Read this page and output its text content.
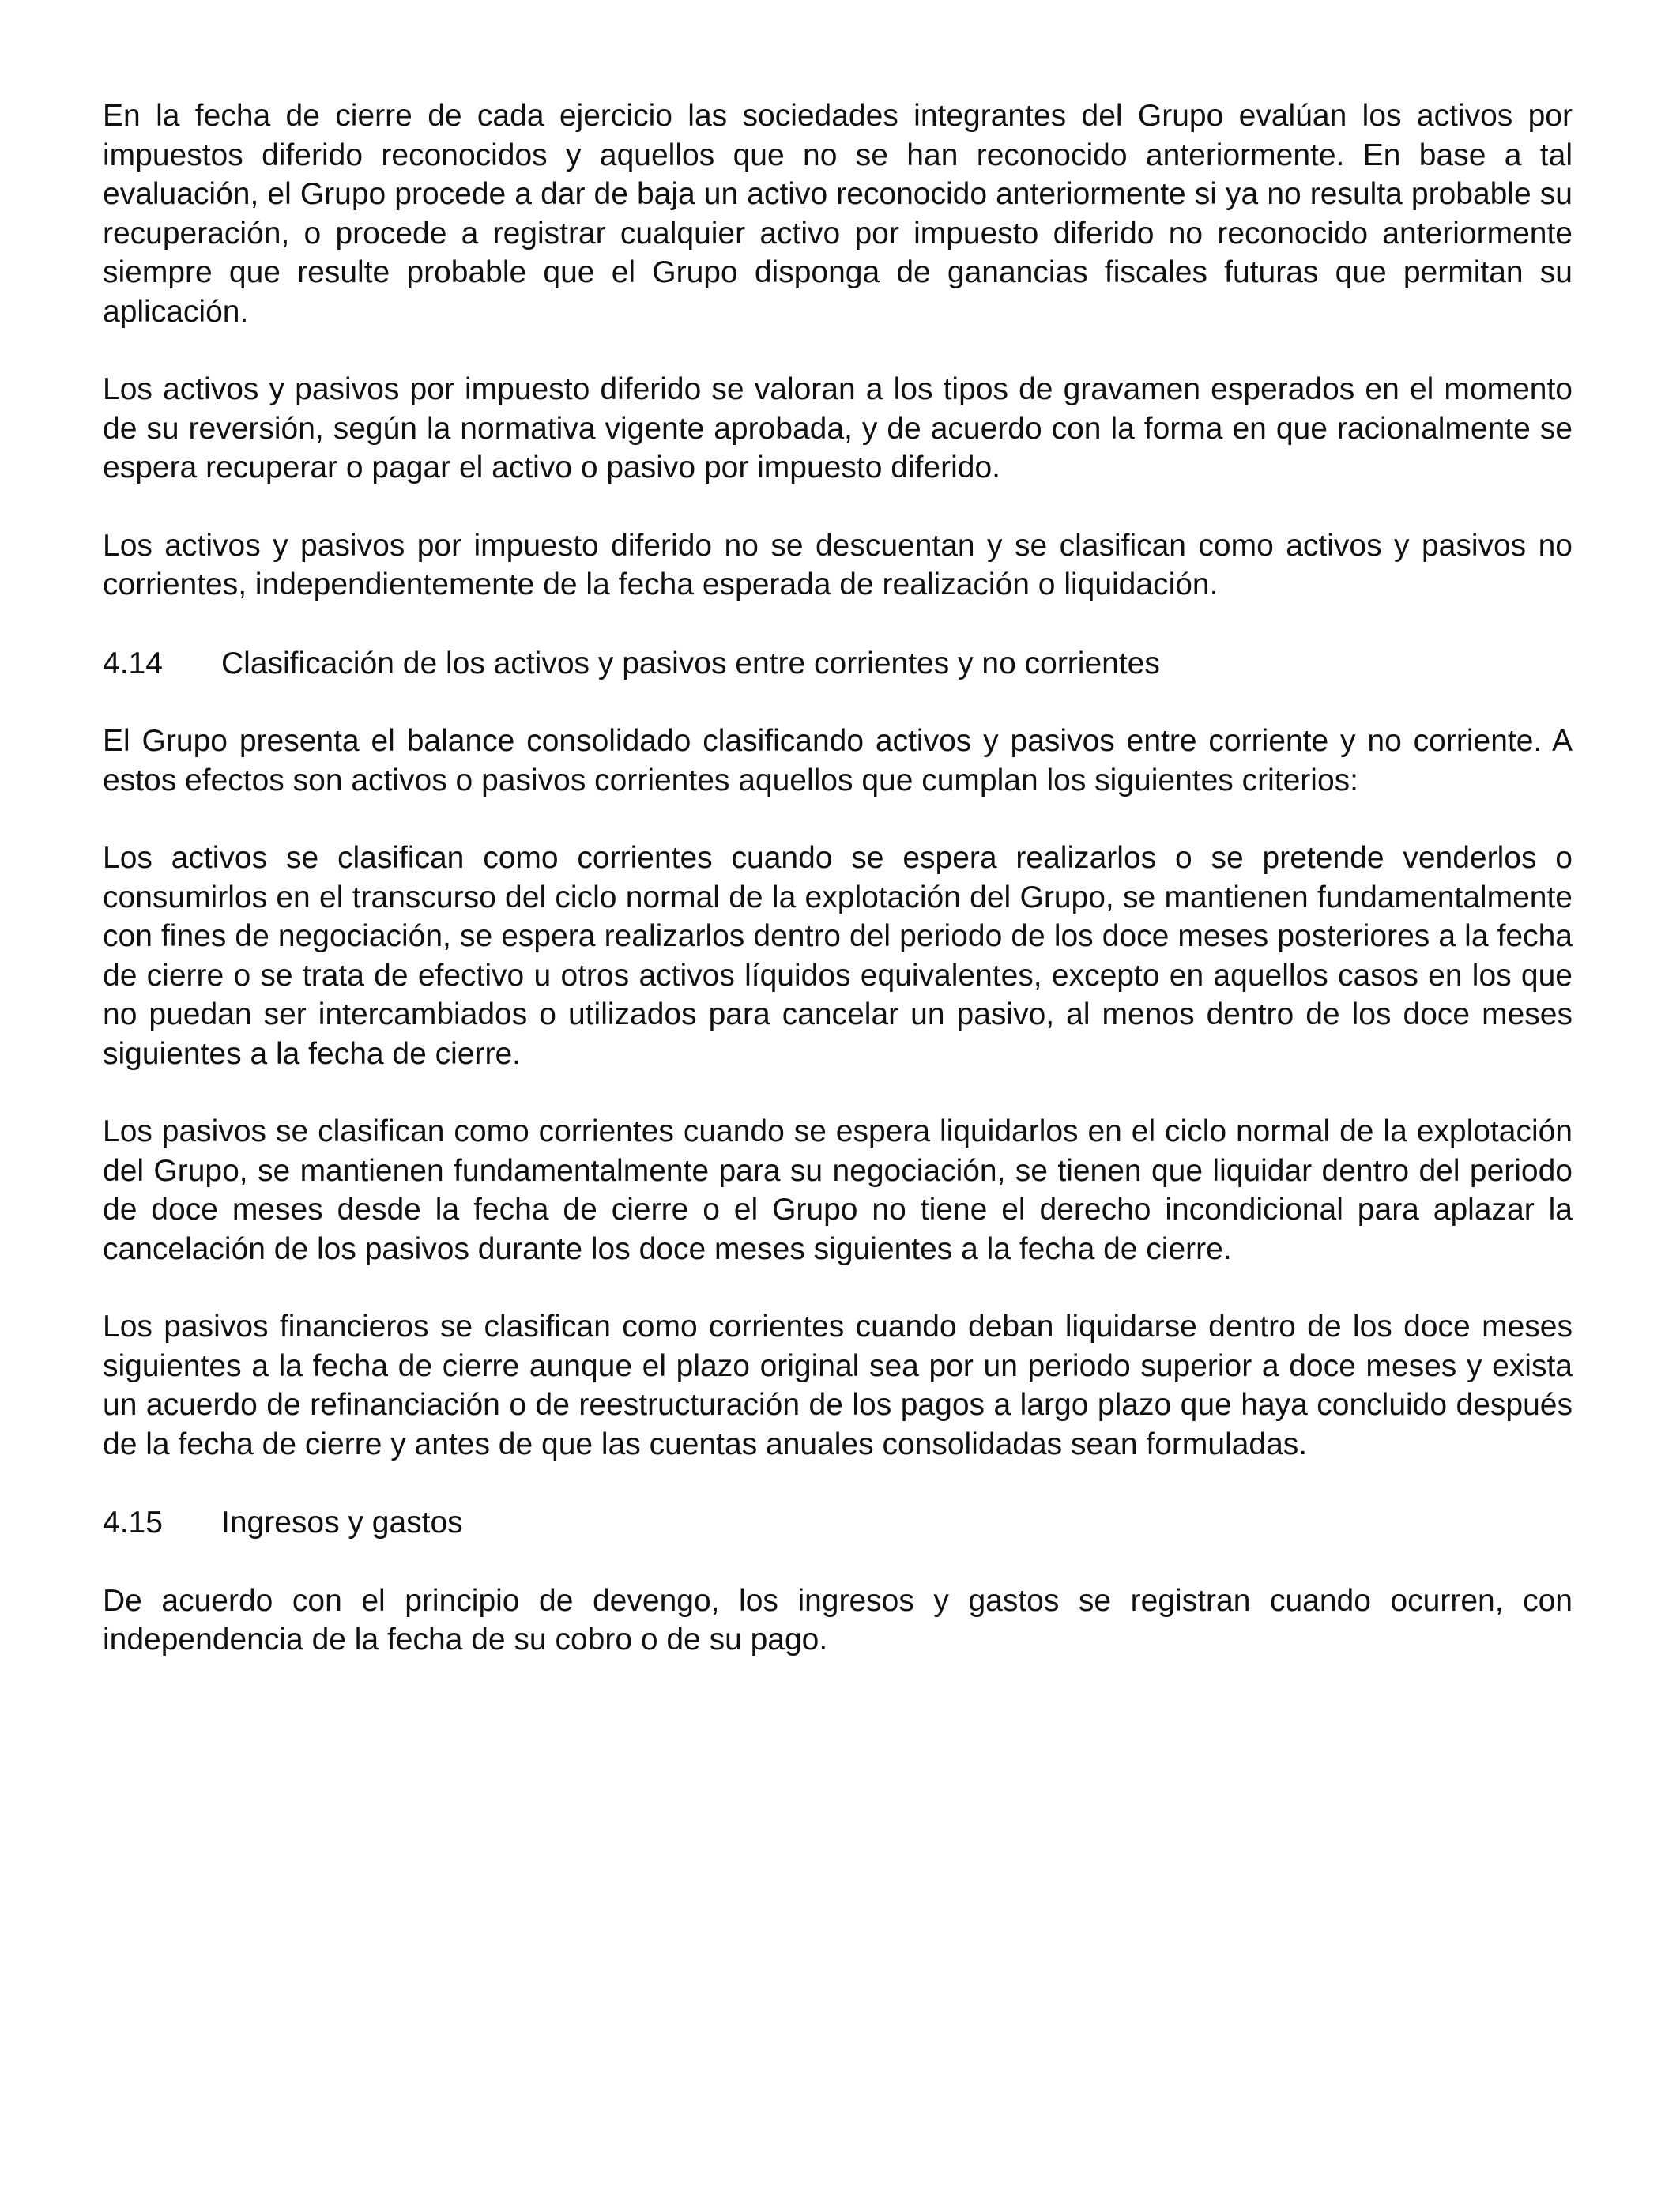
En la fecha de cierre de cada ejercicio las sociedades integrantes del Grupo evalúan los activos por impuestos diferido reconocidos y aquellos que no se han reconocido anteriormente. En base a tal evaluación, el Grupo procede a dar de baja un activo reconocido anteriormente si ya no resulta probable su recuperación, o procede a registrar cualquier activo por impuesto diferido no reconocido anteriormente siempre que resulte probable que el Grupo disponga de ganancias fiscales futuras que permitan su aplicación.

Los activos y pasivos por impuesto diferido se valoran a los tipos de gravamen esperados en el momento de su reversión, según la normativa vigente aprobada, y de acuerdo con la forma en que racionalmente se espera recuperar o pagar el activo o pasivo por impuesto diferido.

Los activos y pasivos por impuesto diferido no se descuentan y se clasifican como activos y pasivos no corrientes, independientemente de la fecha esperada de realización o liquidación.

4.14	Clasificación de los activos y pasivos entre corrientes y no corrientes

El Grupo presenta el balance consolidado clasificando activos y pasivos entre corriente y no corriente. A estos efectos son activos o pasivos corrientes aquellos que cumplan los siguientes criterios:

Los activos se clasifican como corrientes cuando se espera realizarlos o se pretende venderlos o consumirlos en el transcurso del ciclo normal de la explotación del Grupo, se mantienen fundamentalmente con fines de negociación, se espera realizarlos dentro del periodo de los doce meses posteriores a la fecha de cierre o se trata de efectivo u otros activos líquidos equivalentes, excepto en aquellos casos en los que no puedan ser intercambiados o utilizados para cancelar un pasivo, al menos dentro de los doce meses siguientes a la fecha de cierre.

Los pasivos se clasifican como corrientes cuando se espera liquidarlos en el ciclo normal de la explotación del Grupo, se mantienen fundamentalmente para su negociación, se tienen que liquidar dentro del periodo de doce meses desde la fecha de cierre o el Grupo no tiene el derecho incondicional para aplazar la cancelación de los pasivos durante los doce meses siguientes a la fecha de cierre.

Los pasivos financieros se clasifican como corrientes cuando deban liquidarse dentro de los doce meses siguientes a la fecha de cierre aunque el plazo original sea por un periodo superior a doce meses y exista un acuerdo de refinanciación o de reestructuración de los pagos a largo plazo que haya concluido después de la fecha de cierre y antes de que las cuentas anuales consolidadas sean formuladas.

4.15	Ingresos y gastos

De acuerdo con el principio de devengo, los ingresos y gastos se registran cuando ocurren, con independencia de la fecha de su cobro o de su pago.
